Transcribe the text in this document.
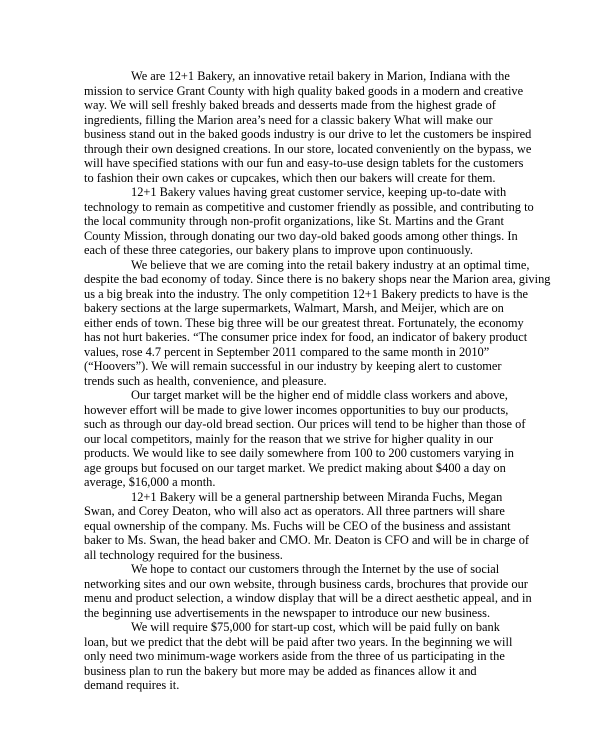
We are 12+1 Bakery, an innovative retail bakery in Marion, Indiana with the
mission to service Grant County with high quality baked goods in a modern and creative
way. We will sell freshly baked breads and desserts made from the highest grade of
ingredients, filling the Marion area’s need for a classic bakery What will make our
business stand out in the baked goods industry is our drive to let the customers be inspired
through their own designed creations. In our store, located conveniently on the bypass, we
will have specified stations with our fun and easy-to-use design tablets for the customers
to fashion their own cakes or cupcakes, which then our bakers will create for them.
12+1 Bakery values having great customer service, keeping up-to-date with
technology to remain as competitive and customer friendly as possible, and contributing to
the local community through non-profit organizations, like St. Martins and the Grant
County Mission, through donating our two day-old baked goods among other things. In
each of these three categories, our bakery plans to improve upon continuously.
We believe that we are coming into the retail bakery industry at an optimal time,
despite the bad economy of today. Since there is no bakery shops near the Marion area, giving
us a big break into the industry. The only competition 12+1 Bakery predicts to have is the
bakery sections at the large supermarkets, Walmart, Marsh, and Meijer, which are on
either ends of town. These big three will be our greatest threat. Fortunately, the economy
has not hurt bakeries. “The consumer price index for food, an indicator of bakery product
values, rose 4.7 percent in September 2011 compared to the same month in 2010”
(“Hoovers”). We will remain successful in our industry by keeping alert to customer
trends such as health, convenience, and pleasure.
Our target market will be the higher end of middle class workers and above,
however effort will be made to give lower incomes opportunities to buy our products,
such as through our day-old bread section. Our prices will tend to be higher than those of
our local competitors, mainly for the reason that we strive for higher quality in our
products. We would like to see daily somewhere from 100 to 200 customers varying in
age groups but focused on our target market. We predict making about $400 a day on
average, $16,000 a month.
12+1 Bakery will be a general partnership between Miranda Fuchs, Megan
Swan, and Corey Deaton, who will also act as operators. All three partners will share
equal ownership of the company. Ms. Fuchs will be CEO of the business and assistant
baker to Ms. Swan, the head baker and CMO. Mr. Deaton is CFO and will be in charge of
all technology required for the business.
We hope to contact our customers through the Internet by the use of social
networking sites and our own website, through business cards, brochures that provide our
menu and product selection, a window display that will be a direct aesthetic appeal, and in
the beginning use advertisements in the newspaper to introduce our new business.
We will require $75,000 for start-up cost, which will be paid fully on bank
loan, but we predict that the debt will be paid after two years. In the beginning we will
only need two minimum-wage workers aside from the three of us participating in the
business plan to run the bakery but more may be added as finances allow it and
demand requires it.
